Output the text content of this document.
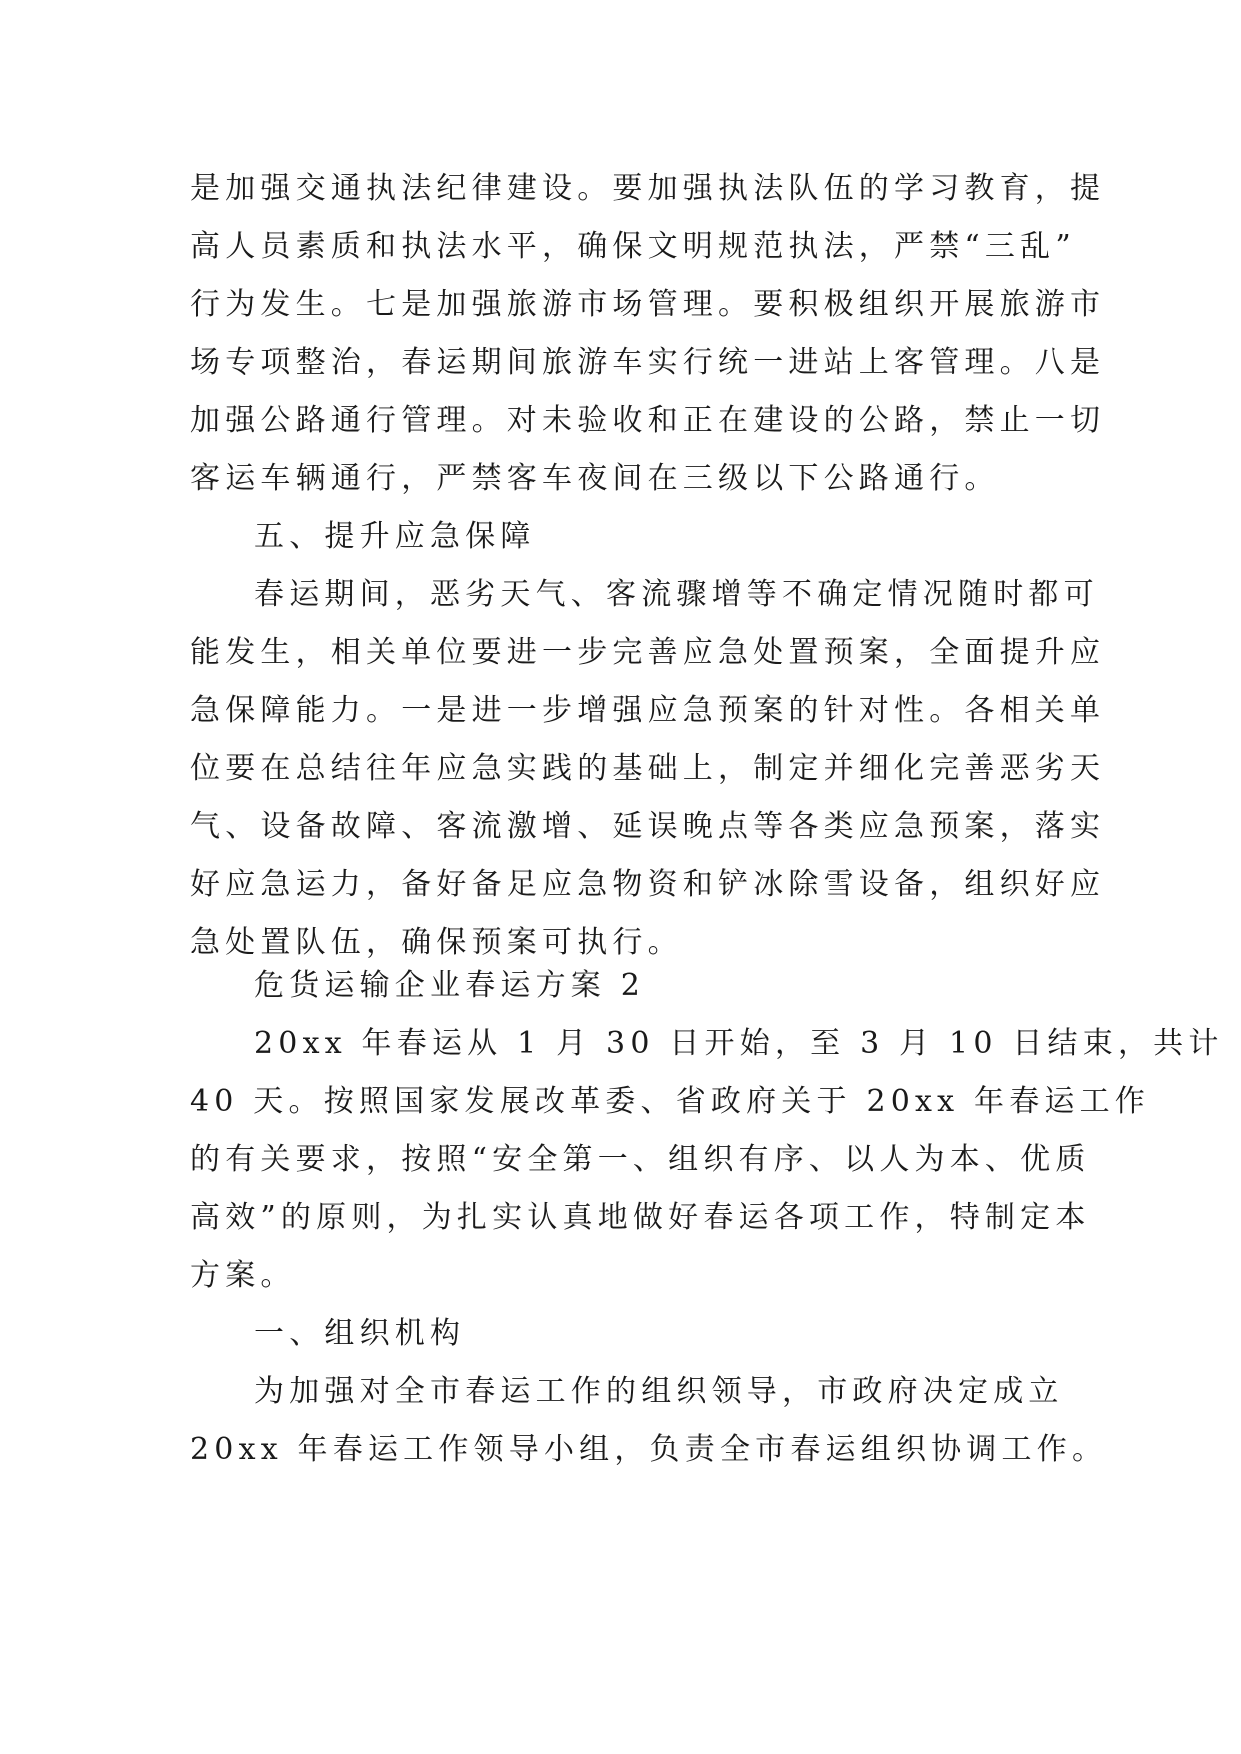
是加强交通执法纪律建设。要加强执法队伍的学习教育，提
高人员素质和执法水平，确保文明规范执法，严禁“三乱”
行为发生。七是加强旅游市场管理。要积极组织开展旅游市
场专项整治，春运期间旅游车实行统一进站上客管理。八是
加强公路通行管理。对未验收和正在建设的公路，禁止一切
客运车辆通行，严禁客车夜间在三级以下公路通行。
五、提升应急保障
春运期间，恶劣天气、客流骤增等不确定情况随时都可
能发生，相关单位要进一步完善应急处置预案，全面提升应
急保障能力。一是进一步增强应急预案的针对性。各相关单
位要在总结往年应急实践的基础上，制定并细化完善恶劣天
气、设备故障、客流激增、延误晚点等各类应急预案，落实
好应急运力，备好备足应急物资和铲冰除雪设备，组织好应
急处置队伍，确保预案可执行。
危货运输企业春运方案 2
20xx 年春运从 1 月 30 日开始，至 3 月 10 日结束，共计
40 天。按照国家发展改革委、省政府关于 20xx 年春运工作
的有关要求，按照“安全第一、组织有序、以人为本、优质
高效”的原则，为扎实认真地做好春运各项工作，特制定本
方案。
一、组织机构
为加强对全市春运工作的组织领导，市政府决定成立
20xx 年春运工作领导小组，负责全市春运组织协调工作。
